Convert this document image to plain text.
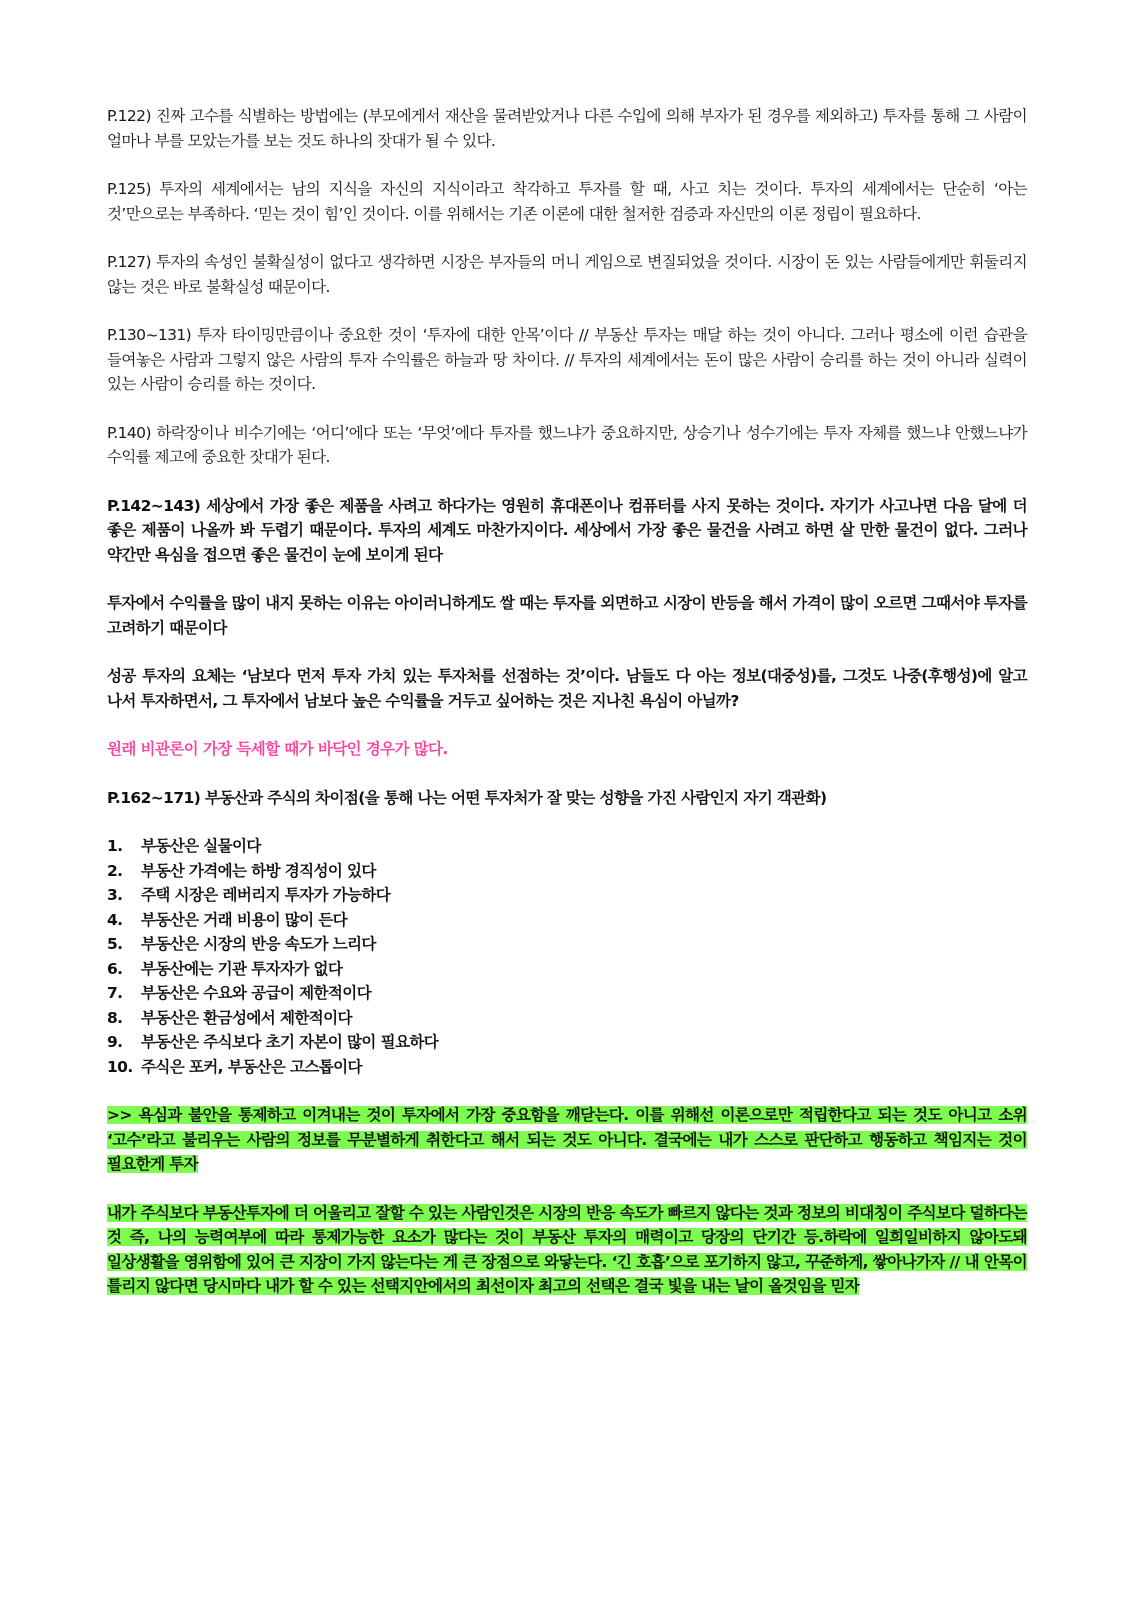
P.122) 진짜 고수를 식별하는 방법에는 (부모에게서 재산을 물려받았거나 다른 수입에 의해 부자가 된 경우를 제외하고) 투자를 통해 그 사람이 얼마나 부를 모았는가를 보는 것도 하나의 잣대가 될 수 있다.

P.125) 투자의 세계에서는 남의 지식을 자신의 지식이라고 착각하고 투자를 할 때, 사고 치는 것이다. 투자의 세계에서는 단순히 ‘아는 것’만으로는 부족하다. ‘믿는 것이 힘’인 것이다. 이를 위해서는 기존 이론에 대한 철저한 검증과 자신만의 이론 정립이 필요하다.

P.127) 투자의 속성인 불확실성이 없다고 생각하면 시장은 부자들의 머니 게임으로 변질되었을 것이다. 시장이 돈 있는 사람들에게만 휘둘리지 않는 것은 바로 불확실성 때문이다.

P.130~131) 투자 타이밍만큼이나 중요한 것이 ‘투자에 대한 안목’이다 // 부동산 투자는 매달 하는 것이 아니다. 그러나 평소에 이런 습관을 들여놓은 사람과 그렇지 않은 사람의 투자 수익률은 하늘과 땅 차이다. // 투자의 세계에서는 돈이 많은 사람이 승리를 하는 것이 아니라 실력이 있는 사람이 승리를 하는 것이다.

P.140) 하락장이나 비수기에는 ‘어디’에다 또는 ‘무엇’에다 투자를 했느냐가 중요하지만, 상승기나 성수기에는 투자 자체를 했느냐 안했느냐가 수익률 제고에 중요한 잣대가 된다.

P.142~143) 세상에서 가장 좋은 제품을 사려고 하다가는 영원히 휴대폰이나 컴퓨터를 사지 못하는 것이다. 자기가 사고나면 다음 달에 더 좋은 제품이 나올까 봐 두렵기 때문이다. 투자의 세계도 마찬가지이다. 세상에서 가장 좋은 물건을 사려고 하면 살 만한 물건이 없다. 그러나 약간만 욕심을 접으면 좋은 물건이 눈에 보이게 된다

투자에서 수익률을 많이 내지 못하는 이유는 아이러니하게도 쌀 때는 투자를 외면하고 시장이 반등을 해서 가격이 많이 오르면 그때서야 투자를 고려하기 때문이다

성공 투자의 요체는 ‘남보다 먼저 투자 가치 있는 투자처를 선점하는 것’이다. 남들도 다 아는 정보(대중성)를, 그것도 나중(후행성)에 알고 나서 투자하면서, 그 투자에서 남보다 높은 수익률을 거두고 싶어하는 것은 지나친 욕심이 아닐까?

원래 비관론이 가장 득세할 때가 바닥인 경우가 많다.

P.162~171) 부동산과 주식의 차이점(을 통해 나는 어떤 투자처가 잘 맞는 성향을 가진 사람인지 자기 객관화)

1.	부동산은 실물이다
2.	부동산 가격에는 하방 경직성이 있다
3.	주택 시장은 레버리지 투자가 가능하다
4.	부동산은 거래 비용이 많이 든다
5.	부동산은 시장의 반응 속도가 느리다
6.	부동산에는 기관 투자자가 없다
7.	부동산은 수요와 공급이 제한적이다
8.	부동산은 환금성에서 제한적이다
9.	부동산은 주식보다 초기 자본이 많이 필요하다
10. 주식은 포커, 부동산은 고스톱이다

>> 욕심과 불안을 통제하고 이겨내는 것이 투자에서 가장 중요함을 깨닫는다. 이를 위해선 이론으로만 적립한다고 되는 것도 아니고 소위 ‘고수’라고 불리우는 사람의 정보를 무분별하게 취한다고 해서 되는 것도 아니다. 결국에는 내가 스스로 판단하고 행동하고 책임지는 것이 필요한게 투자

내가 주식보다 부동산투자에 더 어울리고 잘할 수 있는 사람인것은 시장의 반응 속도가 빠르지 않다는 것과 정보의 비대칭이 주식보다 덜하다는 것 즉, 나의 능력여부에 따라 통제가능한 요소가 많다는 것이 부동산 투자의 매력이고 당장의 단기간 등.하락에 일희일비하지 않아도돼 일상생활을 영위함에 있어 큰 지장이 가지 않는다는 게 큰 장점으로 와닿는다. ‘긴 호흡’으로 포기하지 않고, 꾸준하게, 쌓아나가자 // 내 안목이 틀리지 않다면 당시마다 내가 할 수 있는 선택지안에서의 최선이자 최고의 선택은 결국 빛을 내는 날이 올것임을 믿자
